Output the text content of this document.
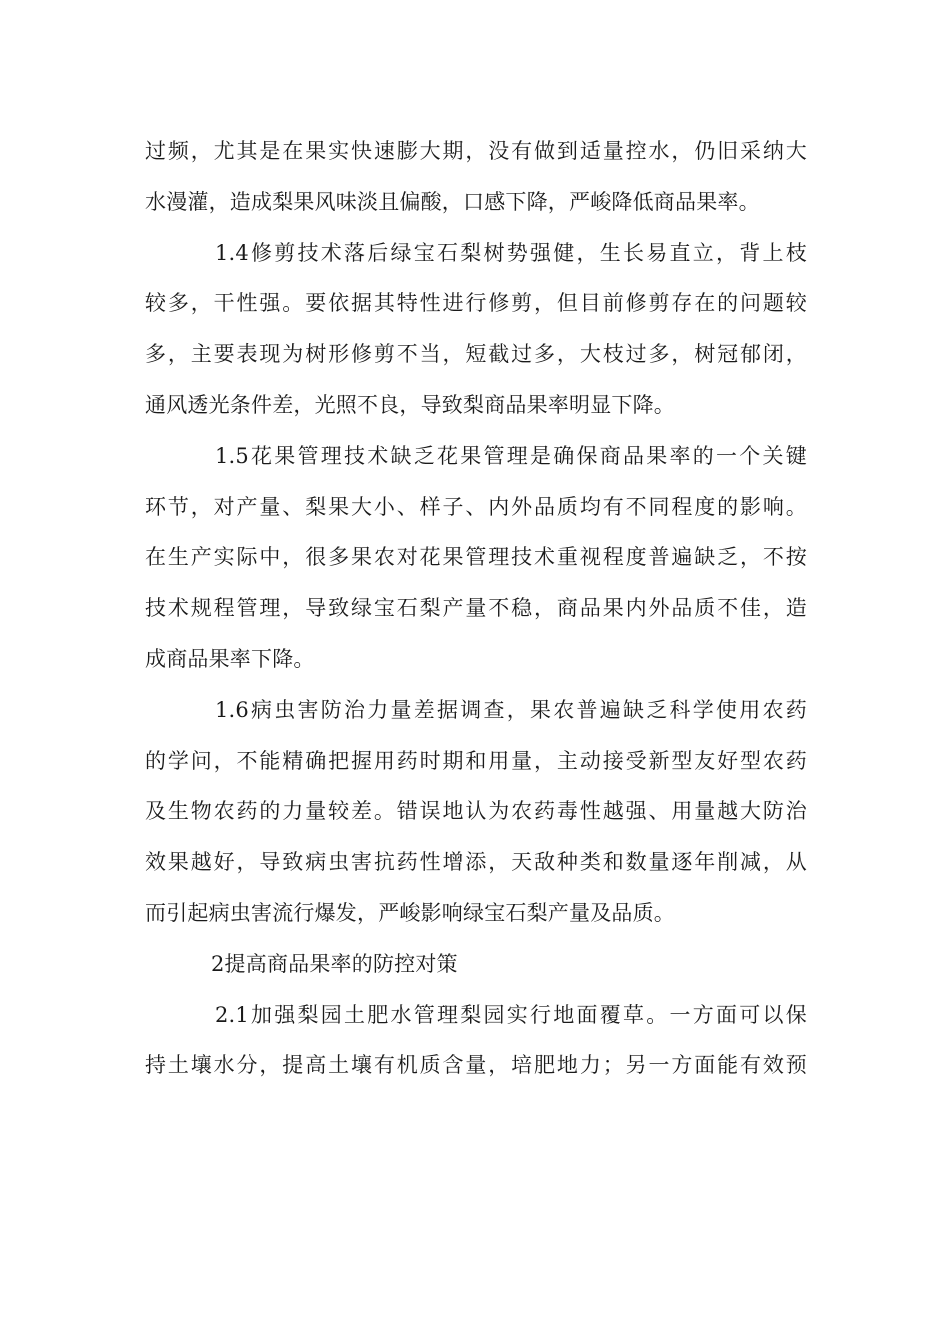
过频，尤其是在果实快速膨大期，没有做到适量控水，仍旧采纳大
水漫灌，造成梨果风味淡且偏酸，口感下降，严峻降低商品果率。
1.4修剪技术落后绿宝石梨树势强健，生长易直立，背上枝
较多，干性强。要依据其特性进行修剪，但目前修剪存在的问题较
多，主要表现为树形修剪不当，短截过多，大枝过多，树冠郁闭，
通风透光条件差，光照不良，导致梨商品果率明显下降。
1.5花果管理技术缺乏花果管理是确保商品果率的一个关键
环节，对产量、梨果大小、样子、内外品质均有不同程度的影响。
在生产实际中，很多果农对花果管理技术重视程度普遍缺乏，不按
技术规程管理，导致绿宝石梨产量不稳，商品果内外品质不佳，造
成商品果率下降。
1.6病虫害防治力量差据调查，果农普遍缺乏科学使用农药
的学问，不能精确把握用药时期和用量，主动接受新型友好型农药
及生物农药的力量较差。错误地认为农药毒性越强、用量越大防治
效果越好，导致病虫害抗药性增添，天敌种类和数量逐年削减，从
而引起病虫害流行爆发，严峻影响绿宝石梨产量及品质。
2提高商品果率的防控对策
2.1加强梨园土肥水管理梨园实行地面覆草。一方面可以保
持土壤水分，提高土壤有机质含量，培肥地力；另一方面能有效预
